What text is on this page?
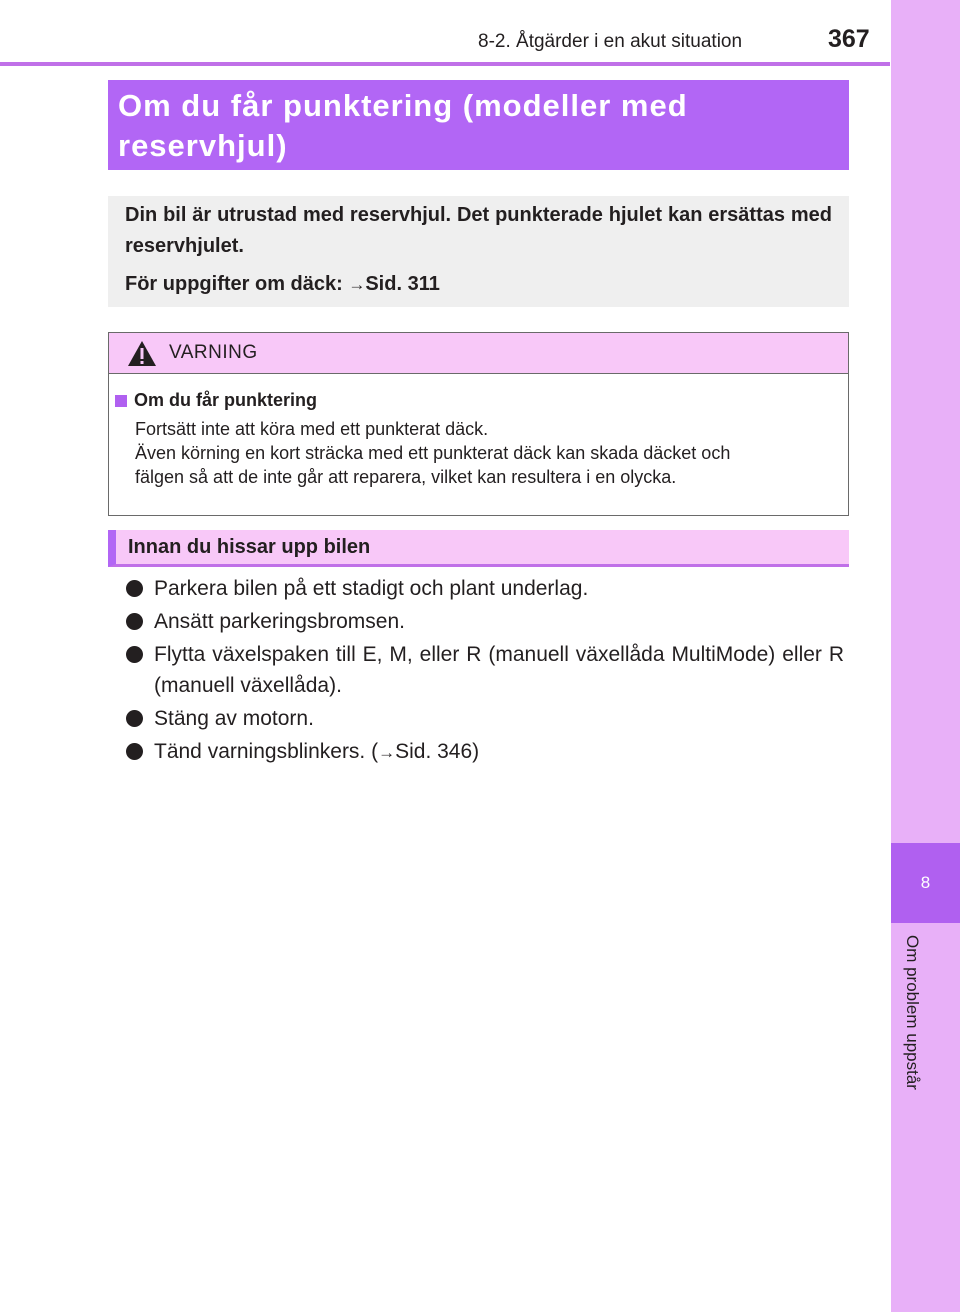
8-2. Åtgärder i en akut situation	367
8
Om problem uppstår
Om du får punktering (modeller med reservhjul)

Din bil är utrustad med reservhjul. Det punkterade hjulet kan ersättas med reservhjulet.

För uppgifter om däck: →Sid. 311

VARNING
Om du får punktering
Fortsätt inte att köra med ett punkterat däck.
Även körning en kort sträcka med ett punkterat däck kan skada däcket och
fälgen så att de inte går att reparera, vilket kan resultera i en olycka.
Innan du hissar upp bilen
Parkera bilen på ett stadigt och plant underlag.
Ansätt parkeringsbromsen.
Flytta växelspaken till E, M, eller R (manuell växellåda MultiMode) eller R (manuell växellåda).
Stäng av motorn.
Tänd varningsblinkers. (→Sid. 346)
